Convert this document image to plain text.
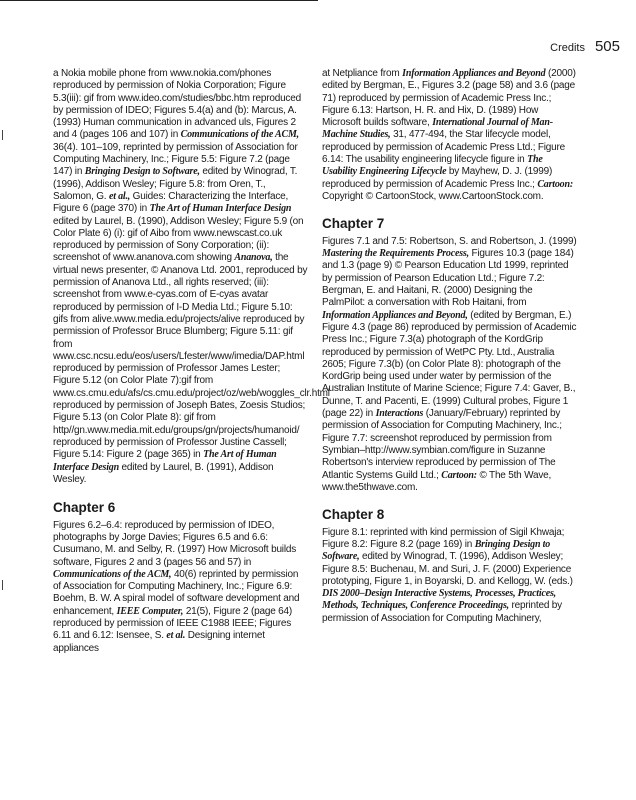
Credits 505

a Nokia mobile phone from www.nokia.com/phones reproduced by permission of Nokia Corporation; Figure 5.3(iii): gif from www.ideo.com/studies/bbc.htm reproduced by permission of IDEO; Figures 5.4(a) and (b): Marcus, A. (1993) Human communication in advanced uls, Figures 2 and 4 (pages 106 and 107) in Communications of the ACM, 36(4). 101–109, reprinted by permission of Association for Computing Machinery, Inc.; Figure 5.5: Figure 7.2 (page 147) in Bringing Design to Software, edited by Winograd, T. (1996), Addison Wesley; Figure 5.8: from Oren, T., Salomon, G. et al., Guides: Characterizing the Interface, Figure 6 (page 370) in The Art of Human Interface Design edited by Laurel, B. (1990), Addison Wesley; Figure 5.9 (on Color Plate 6) (i): gif of Aibo from www.newscast.co.uk reproduced by permission of Sony Corporation; (ii): screenshot of www.ananova.com showing Ananova, the virtual news presenter, © Ananova Ltd. 2001, reproduced by permission of Ananova Ltd., all rights reserved; (iii): screenshot from www.e-cyas.com of E-cyas avatar reproduced by permission of I-D Media Ltd.; Figure 5.10: gifs from alive.www.media.edu/projects/alive reproduced by permission of Professor Bruce Blumberg; Figure 5.11: gif from www.csc.ncsu.edu/eos/users/Lfester/www/imedia/DAP.html reproduced by permission of Professor James Lester; Figure 5.12 (on Color Plate 7):gif from www.cs.cmu.edu/afs/cs.cmu.edu/project/oz/web/woggles_clr.html reproduced by permission of Joseph Bates, Zoesis Studios; Figure 5.13 (on Color Plate 8): gif from http//gn.www.media.mit.edu/groups/gn/projects/humanoid/ reproduced by permission of Professor Justine Cassell; Figure 5.14: Figure 2 (page 365) in The Art of Human Interface Design edited by Laurel, B. (1991), Addison Wesley.

Chapter 6

Figures 6.2–6.4: reproduced by permission of IDEO, photographs by Jorge Davies; Figures 6.5 and 6.6: Cusumano, M. and Selby, R. (1997) How Microsoft builds software, Figures 2 and 3 (pages 56 and 57) in Communications of the ACM, 40(6) reprinted by permission of Association for Computing Machinery, Inc.; Figure 6.9: Boehm, B. W. A spiral model of software development and enhancement, IEEE Computer, 21(5), Figure 2 (page 64) reproduced by permission of IEEE C1988 IEEE; Figures 6.11 and 6.12: Isensee, S. et al. Designing internet appliances

at Netpliance from Information Appliances and Beyond (2000) edited by Bergman, E., Figures 3.2 (page 58) and 3.6 (page 71) reproduced by permission of Academic Press Inc.; Figure 6.13: Hartson, H. R. and Hix, D. (1989) How Microsoft builds software, International Journal of Man-Machine Studies, 31, 477-494, the Star lifecycle model, reproduced by permission of Academic Press Ltd.; Figure 6.14: The usability engineering lifecycle figure in The Usability Engineering Lifecycle by Mayhew, D. J. (1999) reproduced by permission of Academic Press Inc.; Cartoon: Copyright © CartoonStock, www.CartoonStock.com.

Chapter 7

Figures 7.1 and 7.5: Robertson, S. and Robertson, J. (1999) Mastering the Requirements Process, Figures 10.3 (page 184) and 1.3 (page 9) © Pearson Education Ltd 1999, reprinted by permission of Pearson Education Ltd.; Figure 7.2: Bergman, E. and Haitani, R. (2000) Designing the PalmPilot: a conversation with Rob Haitani, from Information Appliances and Beyond, (edited by Bergman, E.) Figure 4.3 (page 86) reproduced by permission of Academic Press Inc.; Figure 7.3(a) photograph of the KordGrip reproduced by permission of WetPC Pty. Ltd., Australia 2605; Figure 7.3(b) (on Color Plate 8): photograph of the KordGrip being used under water by permission of the Australian Institute of Marine Science; Figure 7.4: Gaver, B., Dunne, T. and Pacenti, E. (1999) Cultural probes, Figure 1 (page 22) in Interactions (January/February) reprinted by permission of Association for Computing Machinery, Inc.; Figure 7.7: screenshot reproduced by permission from Symbian–http://www.symbian.com/figure in Suzanne Robertson's interview reproduced by permission of The Atlantic Systems Guild Ltd.; Cartoon: © The 5th Wave, www.the5thwave.com.

Chapter 8

Figure 8.1: reprinted with kind permission of Sigil Khwaja; Figure 8.2: Figure 8.2 (page 169) in Bringing Design to Software, edited by Winograd, T. (1996), Addison Wesley; Figure 8.5: Buchenau, M. and Suri, J. F. (2000) Experience prototyping, Figure 1, in Boyarski, D. and Kellogg, W. (eds.) DIS 2000–Design Interactive Systems, Processes, Practices, Methods, Techniques, Conference Proceedings, reprinted by permission of Association for Computing Machinery,
